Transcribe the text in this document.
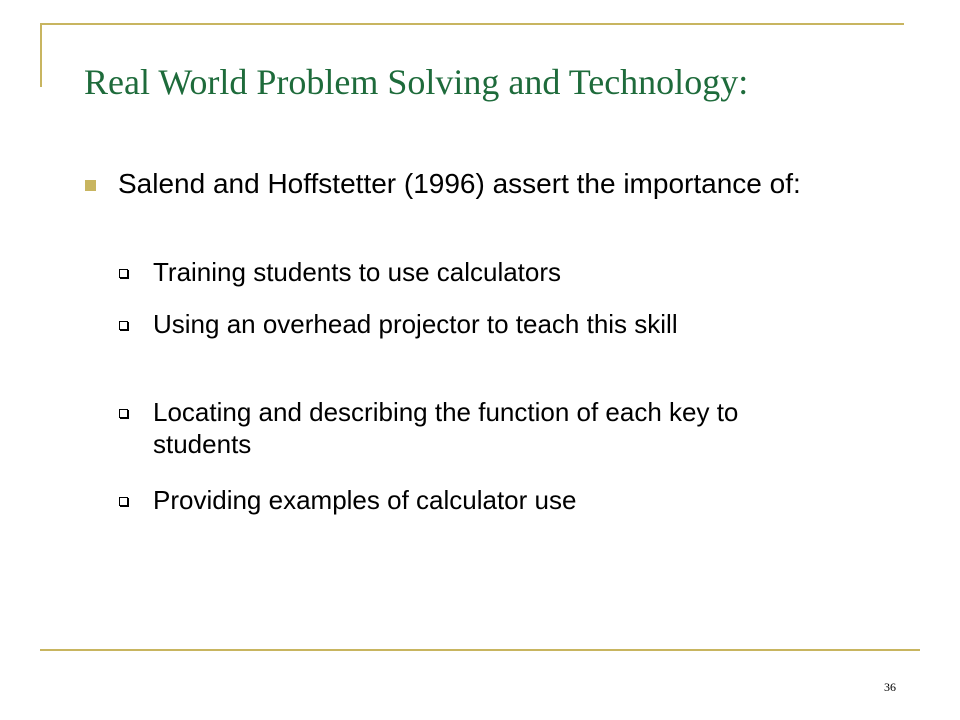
Real World Problem Solving and Technology:

Salend and Hoffstetter (1996) assert the importance of:

Training students to use calculators

Using an overhead projector to teach this skill

Locating and describing the function of each key to students

Providing examples of calculator use

36
